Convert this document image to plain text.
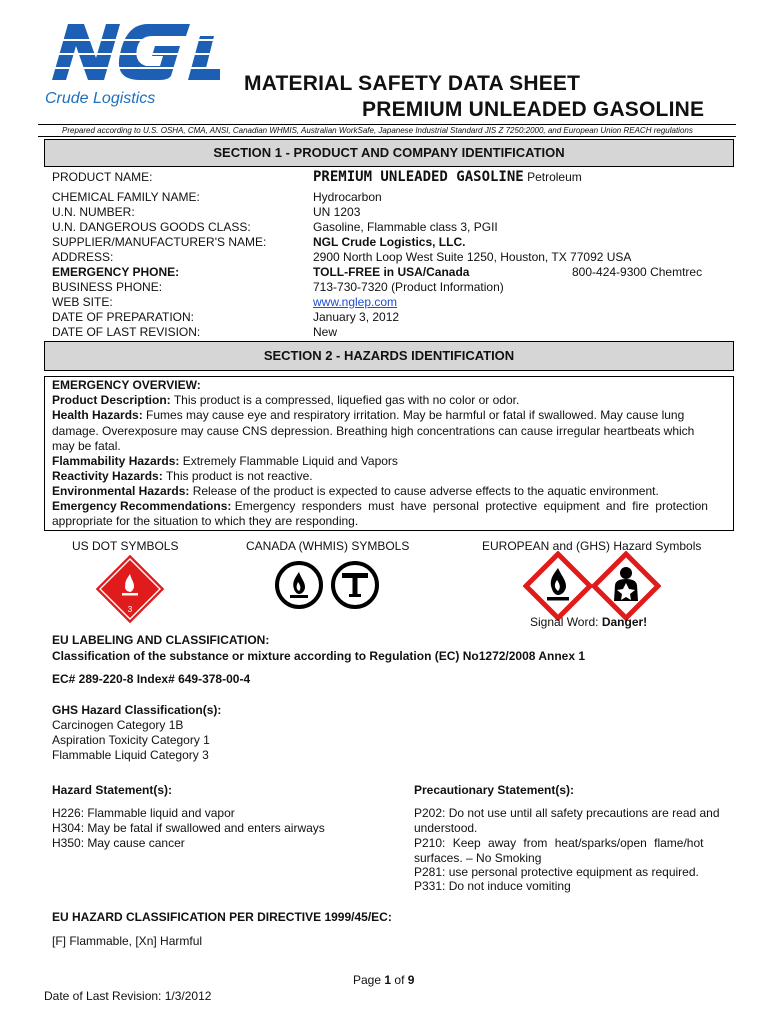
Crude Logistics
MATERIAL SAFETY DATA SHEET
PREMIUM UNLEADED GASOLINE
Prepared according to U.S. OSHA, CMA, ANSI, Canadian WHMIS, Australian WorkSafe, Japanese Industrial Standard JIS Z 7250:2000, and European Union REACH regulations
SECTION 1 - PRODUCT AND COMPANY IDENTIFICATION
PRODUCT NAME:	PREMIUM UNLEADED GASOLINE Petroleum
CHEMICAL FAMILY NAME:	Hydrocarbon
U.N. NUMBER:	UN 1203
U.N. DANGEROUS GOODS CLASS:	Gasoline, Flammable class 3, PGII
SUPPLIER/MANUFACTURER'S NAME:	NGL Crude Logistics, LLC.
ADDRESS:	2900 North Loop West Suite 1250, Houston, TX 77092 USA
EMERGENCY PHONE:	TOLL-FREE in USA/Canada	800-424-9300 Chemtrec
BUSINESS PHONE:	713-730-7320 (Product Information)
WEB SITE:	www.nglep.com
DATE OF PREPARATION:	January 3, 2012
DATE OF LAST REVISION:	New
SECTION 2 - HAZARDS IDENTIFICATION
EMERGENCY OVERVIEW:
Product Description: This product is a compressed, liquefied gas with no color or odor.
Health Hazards: Fumes may cause eye and respiratory irritation. May be harmful or fatal if swallowed. May cause lung
damage. Overexposure may cause CNS depression. Breathing high concentrations can cause irregular heartbeats which
may be fatal.
Flammability Hazards: Extremely Flammable Liquid and Vapors
Reactivity Hazards: This product is not reactive.
Environmental Hazards: Release of the product is expected to cause adverse effects to the aquatic environment.
Emergency Recommendations: Emergency responders must have personal protective equipment and fire protection
appropriate for the situation to which they are responding.
US DOT SYMBOLS	CANADA (WHMIS) SYMBOLS	EUROPEAN and (GHS) Hazard Symbols
3
Signal Word: Danger!
EU LABELING AND CLASSIFICATION:
Classification of the substance or mixture according to Regulation (EC) No1272/2008 Annex 1
EC# 289-220-8 Index# 649-378-00-4
GHS Hazard Classification(s):
Carcinogen Category 1B
Aspiration Toxicity Category 1
Flammable Liquid Category 3
Hazard Statement(s):
H226: Flammable liquid and vapor
H304: May be fatal if swallowed and enters airways
H350: May cause cancer
Precautionary Statement(s):
P202: Do not use until all safety precautions are read and
understood.
P210: Keep away from heat/sparks/open flame/hot
surfaces. – No Smoking
P281: use personal protective equipment as required.
P331: Do not induce vomiting
EU HAZARD CLASSIFICATION PER DIRECTIVE 1999/45/EC:
[F] Flammable, [Xn] Harmful
Page 1 of 9
Date of Last Revision: 1/3/2012
